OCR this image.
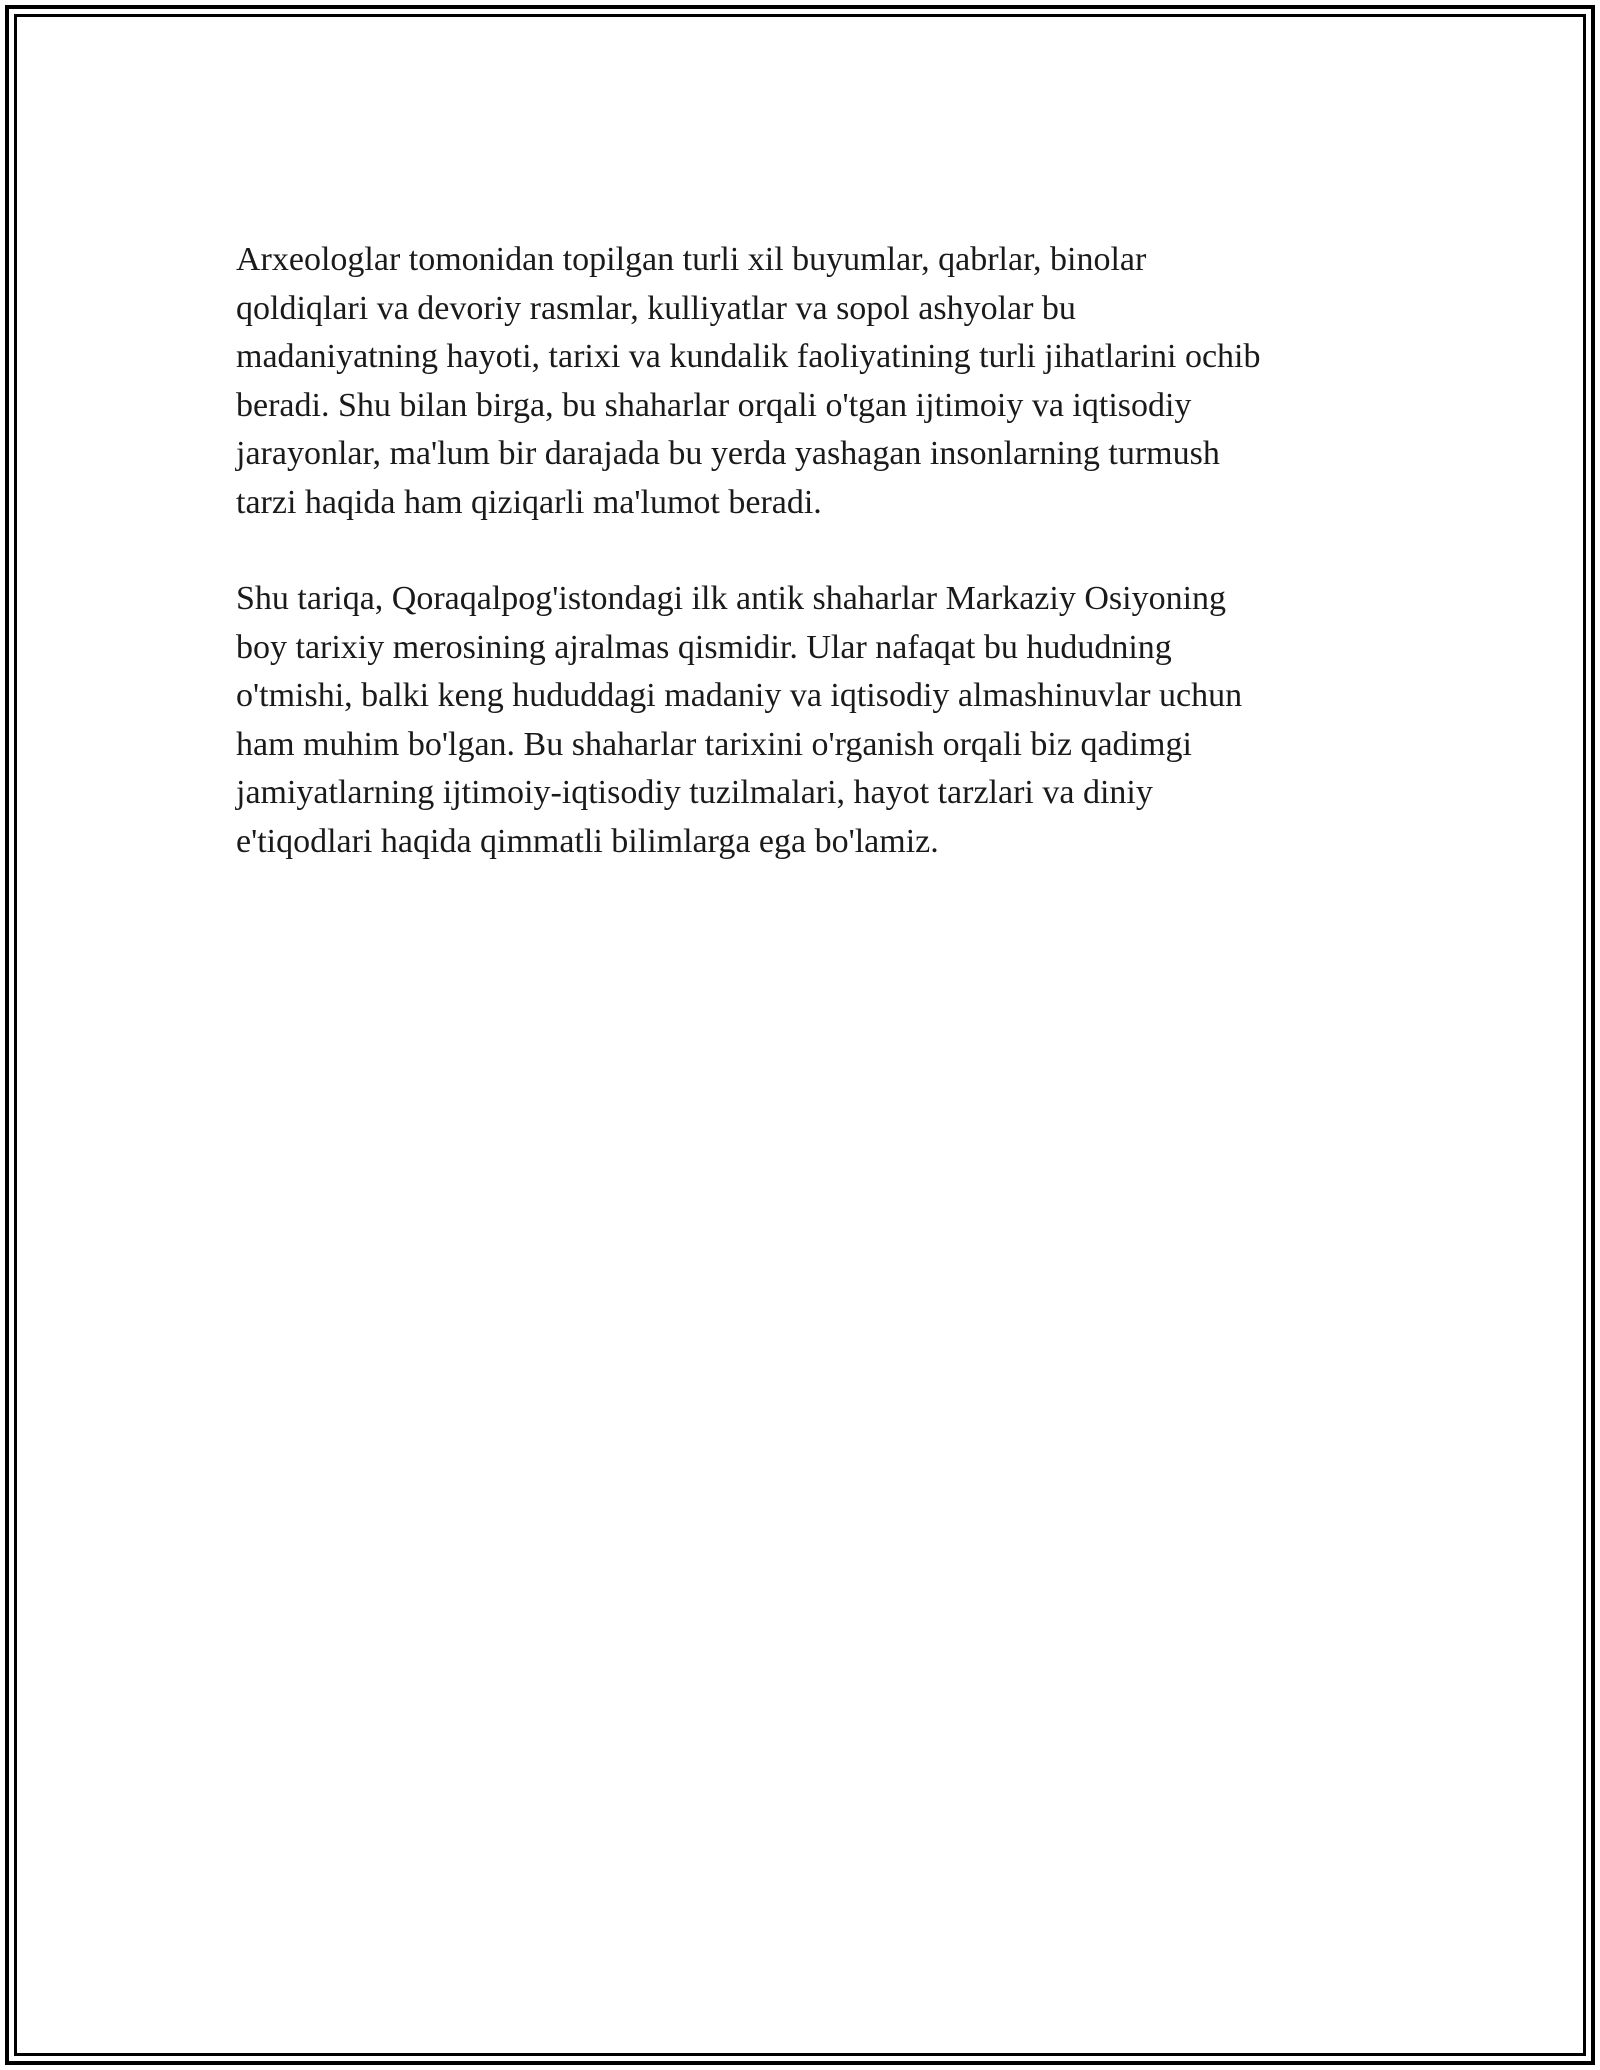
Arxeologlar tomonidan topilgan turli xil buyumlar, qabrlar, binolar
qoldiqlari va devoriy rasmlar, kulliyatlar va sopol ashyolar bu
madaniyatning hayoti, tarixi va kundalik faoliyatining turli jihatlarini ochib
beradi. Shu bilan birga, bu shaharlar orqali o'tgan ijtimoiy va iqtisodiy
jarayonlar, ma'lum bir darajada bu yerda yashagan insonlarning turmush
tarzi haqida ham qiziqarli ma'lumot beradi.

Shu tariqa, Qoraqalpog'istondagi ilk antik shaharlar Markaziy Osiyoning
boy tarixiy merosining ajralmas qismidir. Ular nafaqat bu hududning
o'tmishi, balki keng hududdagi madaniy va iqtisodiy almashinuvlar uchun
ham muhim bo'lgan. Bu shaharlar tarixini o'rganish orqali biz qadimgi
jamiyatlarning ijtimoiy-iqtisodiy tuzilmalari, hayot tarzlari va diniy
e'tiqodlari haqida qimmatli bilimlarga ega bo'lamiz.
